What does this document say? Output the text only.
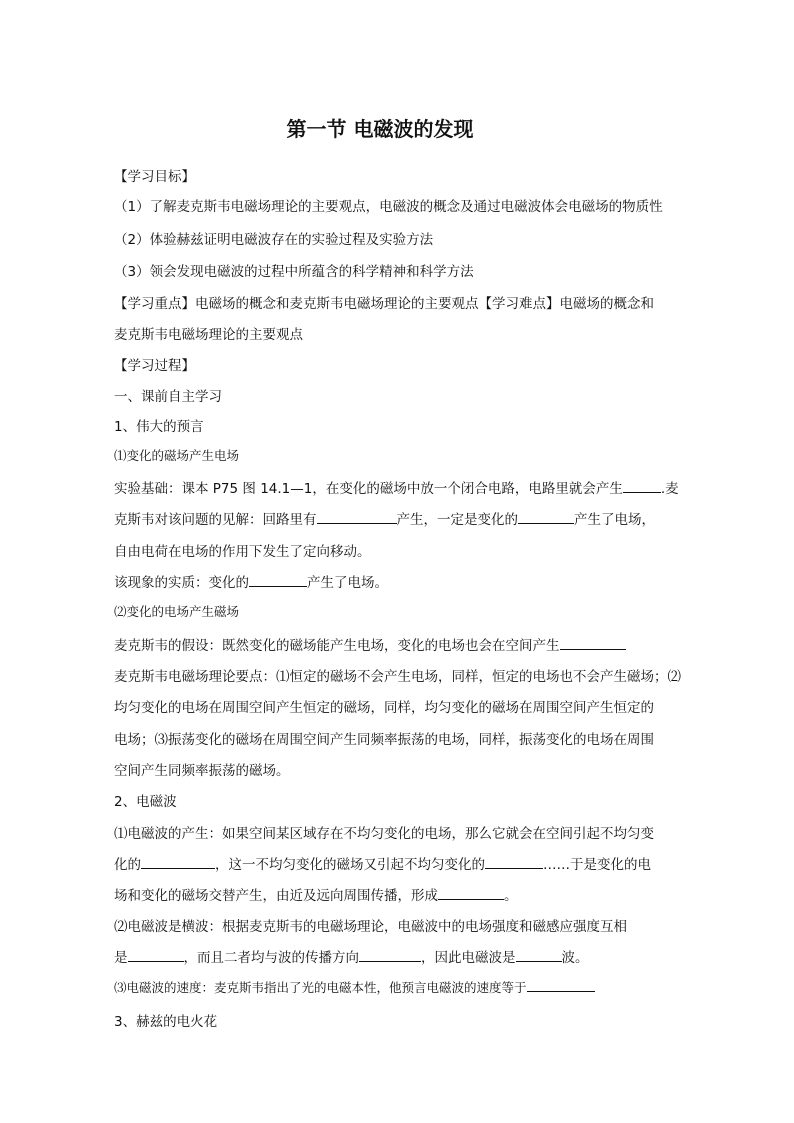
第一节 电磁波的发现
【学习目标】
（1）了解麦克斯韦电磁场理论的主要观点，电磁波的概念及通过电磁波体会电磁场的物质性
（2）体验赫兹证明电磁波存在的实验过程及实验方法
（3）领会发现电磁波的过程中所蕴含的科学精神和科学方法
【学习重点】电磁场的概念和麦克斯韦电磁场理论的主要观点【学习难点】电磁场的概念和
麦克斯韦电磁场理论的主要观点
【学习过程】
一、课前自主学习
1、伟大的预言
⑴变化的磁场产生电场
实验基础：课本 P75 图 14.1—1，在变化的磁场中放一个闭合电路，电路里就会产生	.麦
克斯韦对该问题的见解：回路里有	产生，一定是变化的	产生了电场，
自由电荷在电场的作用下发生了定向移动。
该现象的实质：变化的	产生了电场。
⑵变化的电场产生磁场
麦克斯韦的假设：既然变化的磁场能产生电场，变化的电场也会在空间产生
麦克斯韦电磁场理论要点：⑴恒定的磁场不会产生电场，同样，恒定的电场也不会产生磁场；⑵
均匀变化的电场在周围空间产生恒定的磁场，同样，均匀变化的磁场在周围空间产生恒定的
电场；⑶振荡变化的磁场在周围空间产生同频率振荡的电场，同样，振荡变化的电场在周围
空间产生同频率振荡的磁场。
2、电磁波
⑴电磁波的产生：如果空间某区域存在不均匀变化的电场，那么它就会在空间引起不均匀变
化的	，这一不均匀变化的磁场又引起不均匀变化的	……于是变化的电
场和变化的磁场交替产生，由近及远向周围传播，形成	。
⑵电磁波是横波：根据麦克斯韦的电磁场理论，电磁波中的电场强度和磁感应强度互相
是	，而且二者均与波的传播方向	，因此电磁波是	波。
⑶电磁波的速度：麦克斯韦指出了光的电磁本性，他预言电磁波的速度等于
3、赫兹的电火花
